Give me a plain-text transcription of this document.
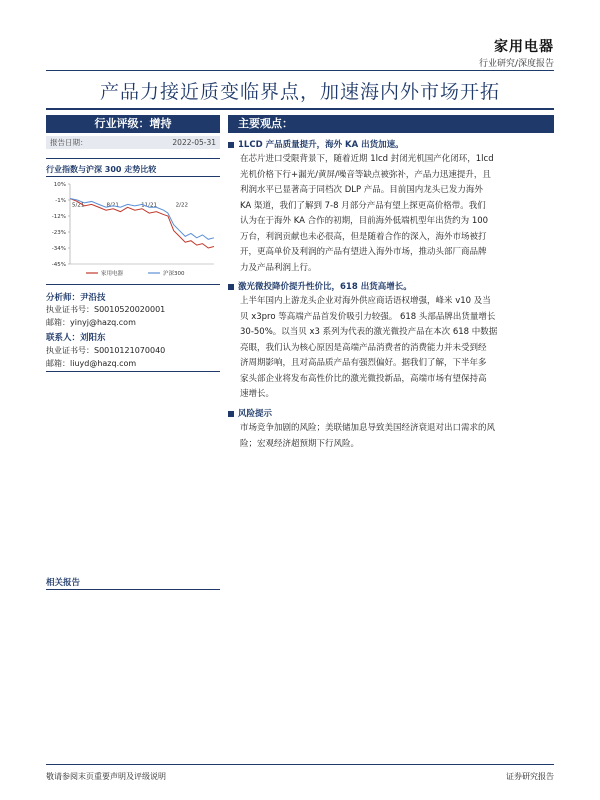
家用电器
行业研究/深度报告
产品力接近质变临界点，加速海内外市场开拓
行业评级：增持
报告日期：	2022-05-31
行业指数与沪深 300 走势比较
10%
-1%
-12%
-23%
-34%
-45%
5/21	8/21	11/21	2/22
家用电器	沪深300
分析师：尹沿技
执业证书号：S0010520020001
邮箱：yinyj@hazq.com
联系人：刘阳东
执业证书号：S0010121070040
邮箱：liuyd@hazq.com
相关报告
主要观点：
1LCD 产品质量提升，海外 KA 出货加速。
在芯片进口受限背景下，随着近期 1lcd 封闭光机国产化闭环，1lcd
光机价格下行+漏光/黄屏/噪音等缺点被弥补，产品力迅速提升，且
利润水平已显著高于同档次 DLP 产品。目前国内龙头已发力海外
KA 渠道，我们了解到 7-8 月部分产品有望上探更高价格带。我们
认为在于海外 KA 合作的初期，目前海外低端机型年出货约为 100
万台，利润贡献也未必很高，但是随着合作的深入，海外市场被打
开，更高单价及利润的产品有望进入海外市场，推动头部厂商品牌
力及产品利润上行。
激光微投降价提升性价比，618 出货高增长。
上半年国内上游龙头企业对海外供应商话语权增强，峰米 v10 及当
贝 x3pro 等高端产品首发价吸引力较强。 618 头部品牌出货量增长
30-50%。以当贝 x3 系列为代表的激光微投产品在本次 618 中数据
亮眼，我们认为核心原因是高端产品消费者的消费能力并未受到经
济周期影响，且对高品质产品有强烈偏好。据我们了解，下半年多
家头部企业将发布高性价比的激光微投新品，高端市场有望保持高
速增长。
风险提示
市场竞争加剧的风险；美联储加息导致美国经济衰退对出口需求的风
险；宏观经济超预期下行风险。
敬请参阅末页重要声明及评级说明	证券研究报告
